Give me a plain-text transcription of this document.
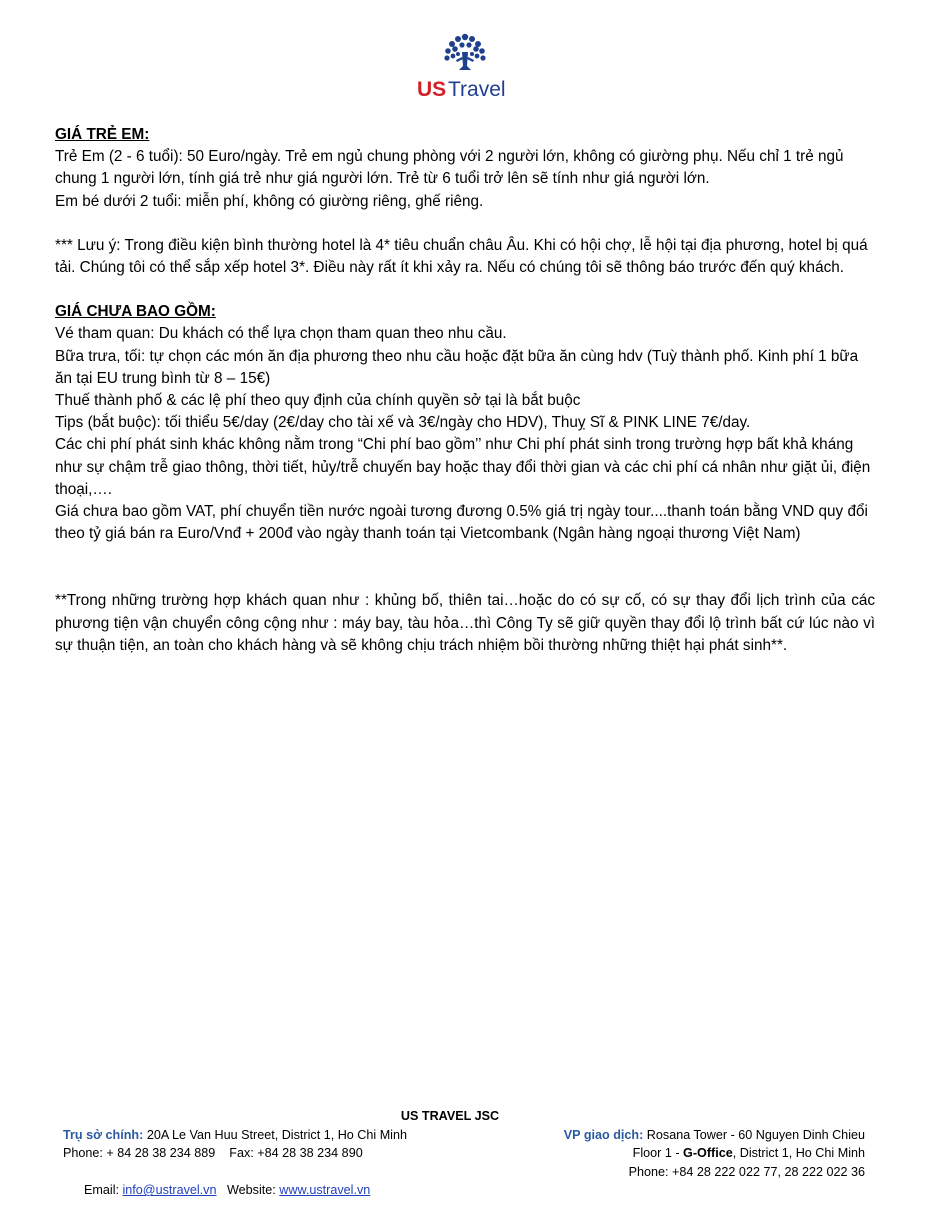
US Travel

GIÁ TRẺ EM:

Trẻ Em (2 - 6 tuổi): 50 Euro/ngày. Trẻ em ngủ chung phòng với 2 người lớn, không có giường phụ. Nếu chỉ 1 trẻ ngủ chung 1 người lớn, tính giá trẻ như giá người lớn. Trẻ từ 6 tuổi trở lên sẽ tính như giá người lớn.

Em bé dưới 2 tuổi: miễn phí, không có giường riêng, ghế riêng.

*** Lưu ý: Trong điều kiện bình thường hotel là 4* tiêu chuẩn châu Âu. Khi có hội chợ, lễ hội tại địa phương, hotel bị quá tải. Chúng tôi có thể sắp xếp hotel 3*. Điều này rất ít khi xảy ra. Nếu có chúng tôi sẽ thông báo trước đến quý khách.

GIÁ CHƯA BAO GỒM:

Vé tham quan: Du khách có thể lựa chọn tham quan theo nhu cầu.

Bữa trưa, tối: tự chọn các món ăn địa phương theo nhu cầu hoặc đặt bữa ăn cùng hdv (Tuỳ thành phố. Kinh phí 1 bữa ăn tại EU trung bình từ 8 – 15€)

Thuế thành phố & các lệ phí theo quy định của chính quyền sở tại là bắt buộc

Tips (bắt buộc): tối thiểu 5€/day (2€/day cho tài xế và 3€/ngày cho HDV), Thuỵ Sĩ & PINK LINE 7€/day.

Các chi phí phát sinh khác không nằm trong “Chi phí bao gồm’’ như Chi phí phát sinh trong trường hợp bất khả kháng như sự chậm trễ giao thông, thời tiết, hủy/trễ chuyến bay hoặc thay đổi thời gian và các chi phí cá nhân như giặt ủi, điện thoại,….

Giá chưa bao gồm VAT, phí chuyển tiền nước ngoài tương đương 0.5% giá trị ngày tour....thanh toán bằng VND quy đổi theo tỷ giá bán ra Euro/Vnđ + 200đ vào ngày thanh toán tại Vietcombank (Ngân hàng ngoại thương Việt Nam)

**Trong những trường hợp khách quan như : khủng bố, thiên tai…hoặc do có sự cố, có sự thay đổi lịch trình của các phương tiện vận chuyển công cộng như : máy bay, tàu hỏa…thì Công Ty sẽ giữ quyền thay đổi lộ trình bất cứ lúc nào vì sự thuận tiện, an toàn cho khách hàng và sẽ không chịu trách nhiệm bồi thường những thiệt hại phát sinh**.

US TRAVEL JSC
Trụ sở chính: 20A Le Van Huu Street, District 1, Ho Chi Minh
Phone: + 84 28 38 234 889    Fax: +84 28 38 234 890

Email: info@ustravel.vn   Website: www.ustravel.vn

VP giao dịch: Rosana Tower - 60 Nguyen Dinh Chieu
Floor 1 - G-Office, District 1, Ho Chi Minh
Phone: +84 28 222 022 77, 28 222 022 36
